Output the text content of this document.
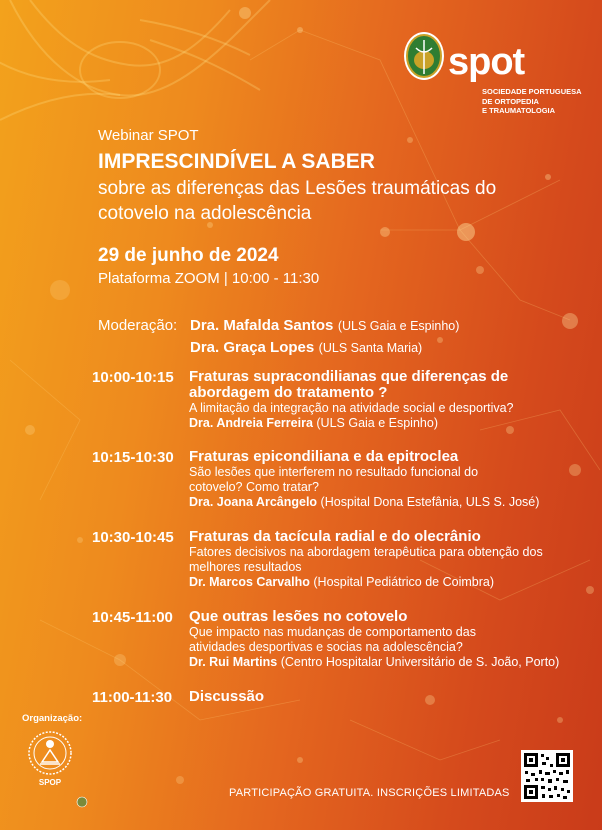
spot
SOCIEDADE PORTUGUESA
DE ORTOPEDIA
E TRAUMATOLOGIA
Webinar SPOT
IMPRESCINDÍVEL A SABER
sobre as diferenças das Lesões traumáticas do cotovelo na adolescência
29 de junho de 2024
Plataforma ZOOM | 10:00 - 11:30
Moderação: Dra. Mafalda Santos (ULS Gaia e Espinho)
Dra. Graça Lopes (ULS Santa Maria)
10:00-10:15 Fraturas supracondilianas que diferenças de abordagem do tratamento ?
A limitação da integração na atividade social e desportiva?
Dra. Andreia Ferreira (ULS Gaia e Espinho)
10:15-10:30 Fraturas epicondiliana e da epitroclea
São lesões que interferem no resultado funcional do cotovelo? Como tratar?
Dra. Joana Arcângelo (Hospital Dona Estefânia, ULS S. José)
10:30-10:45 Fraturas da tacícula radial e do olecrânio
Fatores decisivos na abordagem terapêutica para obtenção dos melhores resultados
Dr. Marcos Carvalho (Hospital Pediátrico de Coimbra)
10:45-11:00 Que outras lesões no cotovelo
Que impacto nas mudanças de comportamento das atividades desportivas e socias na adolescência?
Dr. Rui Martins (Centro Hospitalar Universitário de S. João, Porto)
11:00-11:30 Discussão
Organização:
SPOP
PARTICIPAÇÃO GRATUITA. INSCRIÇÕES LIMITADAS
